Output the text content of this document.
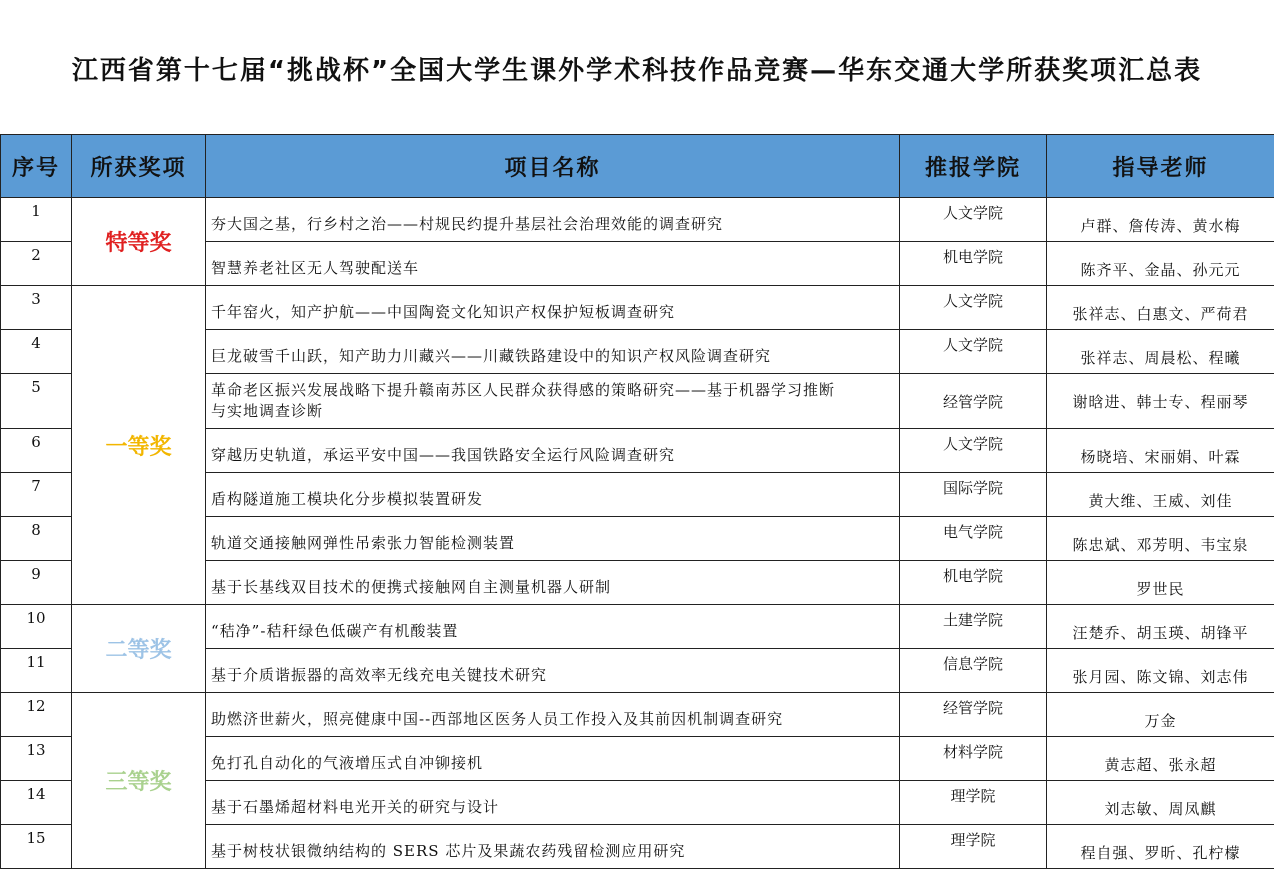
江西省第十七届“挑战杯”全国大学生课外学术科技作品竞赛—华东交通大学所获奖项汇总表
序号	所获奖项	项目名称	推报学院	指导老师
1	特等奖	夯大国之基，行乡村之治——村规民约提升基层社会治理效能的调查研究	人文学院	卢群、詹传涛、黄水梅
2		智慧养老社区无人驾驶配送车	机电学院	陈齐平、金晶、孙元元
3	一等奖	千年窑火，知产护航——中国陶瓷文化知识产权保护短板调查研究	人文学院	张祥志、白惠文、严荷君
4		巨龙破雪千山跃，知产助力川藏兴——川藏铁路建设中的知识产权风险调查研究	人文学院	张祥志、周晨松、程曦
5		革命老区振兴发展战略下提升赣南苏区人民群众获得感的策略研究——基于机器学习推断与实地调查诊断	经管学院	谢晗进、韩士专、程丽琴
6		穿越历史轨道，承运平安中国——我国铁路安全运行风险调查研究	人文学院	杨晓培、宋丽娟、叶霖
7		盾构隧道施工模块化分步模拟装置研发	国际学院	黄大维、王威、刘佳
8		轨道交通接触网弹性吊索张力智能检测装置	电气学院	陈忠斌、邓芳明、韦宝泉
9		基于长基线双目技术的便携式接触网自主测量机器人研制	机电学院	罗世民
10	二等奖	“秸净”-秸秆绿色低碳产有机酸装置	土建学院	汪楚乔、胡玉瑛、胡锋平
11		基于介质谐振器的高效率无线充电关键技术研究	信息学院	张月园、陈文锦、刘志伟
12	三等奖	助燃济世薪火，照亮健康中国--西部地区医务人员工作投入及其前因机制调查研究	经管学院	万金
13		免打孔自动化的气液增压式自冲铆接机	材料学院	黄志超、张永超
14		基于石墨烯超材料电光开关的研究与设计	理学院	刘志敏、周凤麒
15		基于树枝状银微纳结构的 SERS 芯片及果蔬农药残留检测应用研究	理学院	程自强、罗昕、孔柠檬
